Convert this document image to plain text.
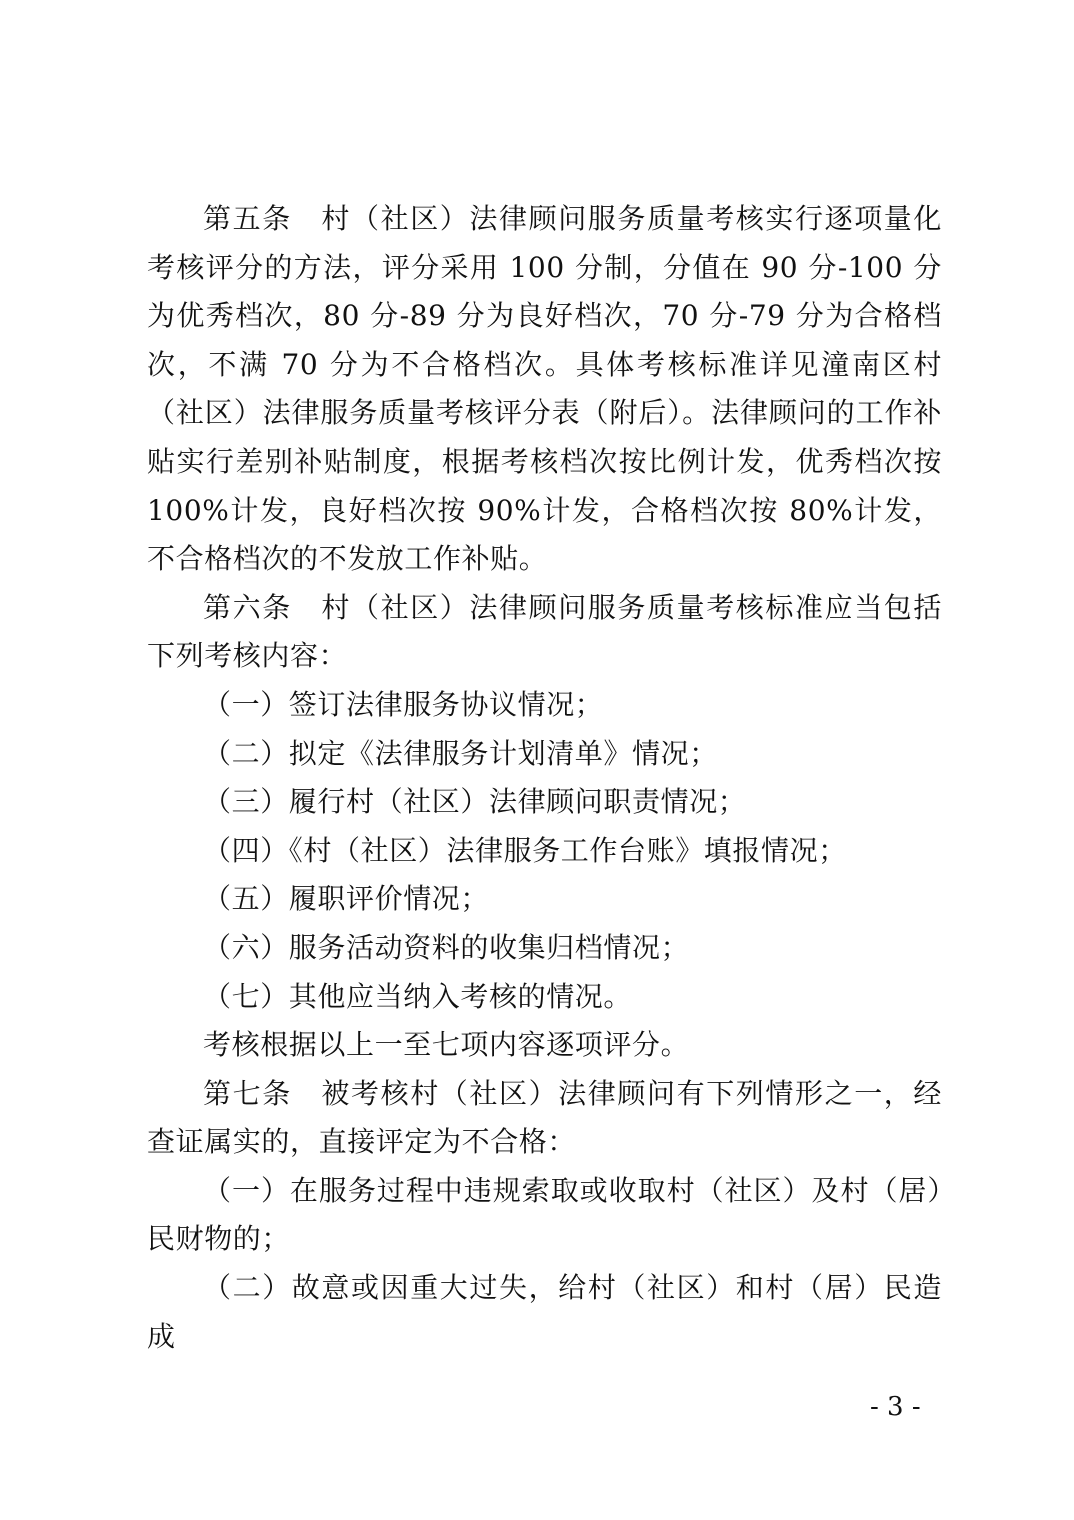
第五条　村（社区）法律顾问服务质量考核实行逐项量化考核评分的方法，评分采用 100 分制，分值在 90 分-100 分为优秀档次，80 分-89 分为良好档次，70 分-79 分为合格档次，不满 70 分为不合格档次。具体考核标准详见潼南区村（社区）法律服务质量考核评分表（附后）。法律顾问的工作补贴实行差别补贴制度，根据考核档次按比例计发，优秀档次按 100%计发，良好档次按 90%计发，合格档次按 80%计发，不合格档次的不发放工作补贴。

第六条　村（社区）法律顾问服务质量考核标准应当包括下列考核内容：

（一）签订法律服务协议情况；

（二）拟定《法律服务计划清单》情况；

（三）履行村（社区）法律顾问职责情况；

（四）《村（社区）法律服务工作台账》填报情况；

（五）履职评价情况；

（六）服务活动资料的收集归档情况；

（七）其他应当纳入考核的情况。

考核根据以上一至七项内容逐项评分。

第七条　被考核村（社区）法律顾问有下列情形之一，经查证属实的，直接评定为不合格：

（一）在服务过程中违规索取或收取村（社区）及村（居）民财物的；

（二）故意或因重大过失，给村（社区）和村（居）民造成

- 3 -
